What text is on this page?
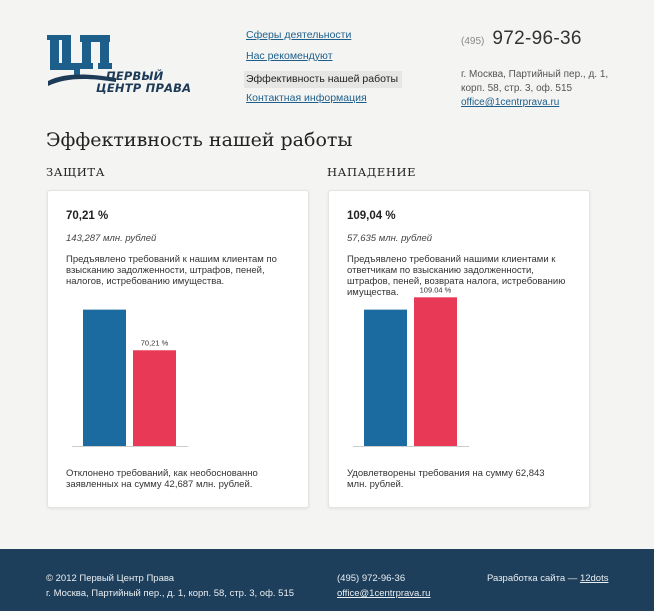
ПЕРВЫЙ
ЦЕНТР ПРАВА
Сферы деятельности
Нас рекомендуют
Эффективность нашей работы
Контактная информация
(495) 972-96-36
г. Москва, Партийный пер., д. 1,
корп. 58, стр. 3, оф. 515
office@1centrprava.ru
Эффективность нашей работы
ЗАЩИТА	НАПАДЕНИЕ
70,21 %
70,21 %
143,287 млн. рублей
Предъявлено требований к нашим клиентам по взысканию задолженности, штрафов, пеней, налогов, истребованию имущества.
Отклонено требований, как необоснованно заявленных на сумму 42,687 млн. рублей.
109.04 %
109,04 %
57,635 млн. рублей
Предъявлено требований нашими клиентами к ответчикам по взысканию задолженности, штрафов, пеней, возврата налога, истребованию имущества.
Удовлетворены требования на сумму 62,843 млн. рублей.
© 2012 Первый Центр Права
г. Москва, Партийный пер., д. 1, корп. 58, стр. 3, оф. 515
(495) 972-96-36
office@1centrprava.ru
Разработка сайта — 12dots
